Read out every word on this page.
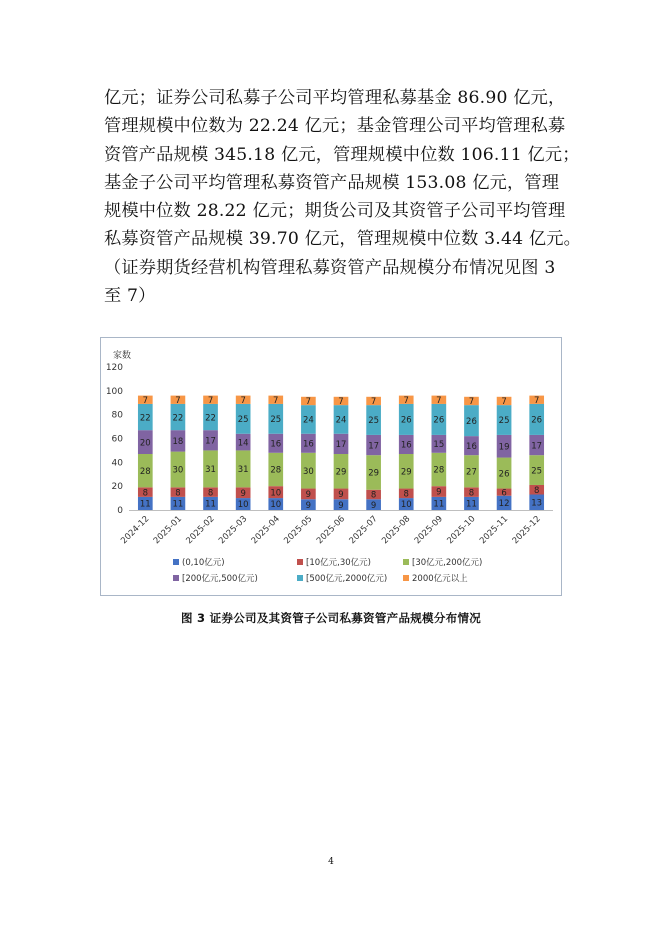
亿元；证券公司私募子公司平均管理私募基金 86.90 亿元，

管理规模中位数为 22.24 亿元；基金管理公司平均管理私募

资管产品规模 345.18 亿元，管理规模中位数 106.11 亿元；

基金子公司平均管理私募资管产品规模 153.08 亿元，管理

规模中位数 28.22 亿元；期货公司及其资管子公司平均管理

私募资管产品规模 39.70 亿元，管理规模中位数 3.44 亿元。

（证券期货经营机构管理私募资管产品规模分布情况见图 3

至 7）

家数
0
20
40
60
80
100
120
11
8
28
20
22
7
2024-12
11
8
30
18
22
7
2025-01
11
8
31
17
22
7
2025-02
10
9
31
14
25
7
2025-03
10
10
28
16
25
7
2025-04
9
9
30
16
24
7
2025-05
9
9
29
17
24
7
2025-06
9
8
29
17
25
7
2025-07
10
8
29
16
26
7
2025-08
11
9
28
15
26
7
2025-09
11
8
27
16
26
7
2025-10
12
6
26
19
25
7
2025-11
13
8
25
17
26
7
2025-12
(0,10亿元)	[10亿元,30亿元)	[30亿元,200亿元)
[200亿元,500亿元)	[500亿元,2000亿元)	2000亿元以上
图 3 证券公司及其资管子公司私募资管产品规模分布情况
4
